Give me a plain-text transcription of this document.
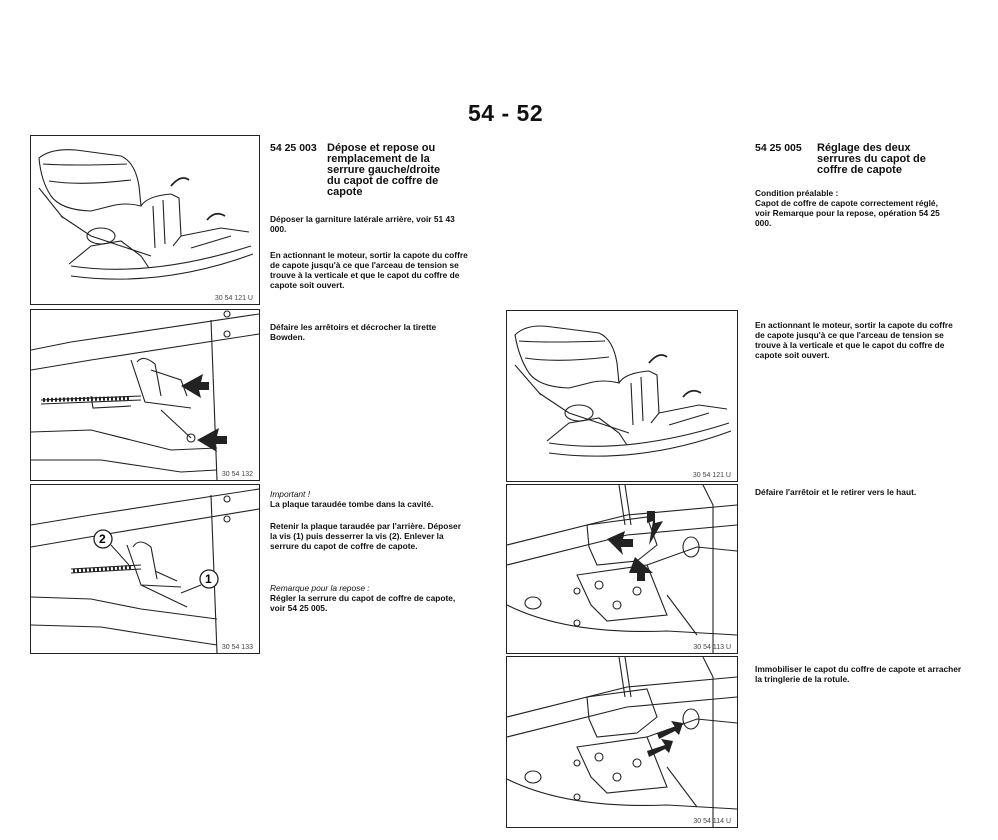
54 - 52
30 54 121 U
30 54 132
1
2
30 54 133
54 25 003 Dépose et repose ou remplacement de la serrure gauche/droite du capot de coffre de capote

Déposer la garniture latérale arrière, voir 51 43 000.

En actionnant le moteur, sortir la capote du coffre de capote jusqu'à ce que l'arceau de tension se trouve à la verticale et que le capot du coffre de capote soit ouvert.

Défaire les arrêtoirs et décrocher la tirette Bowden.

Important !

La plaque taraudée tombe dans la cavité.

Retenir la plaque taraudée par l'arrière. Déposer la vis (1) puis desserrer la vis (2). Enlever la serrure du capot de coffre de capote.

Remarque pour la repose :

Régler la serrure du capot de coffre de capote, voir 54 25 005.

54 25 005	Réglage des deux serrures du capot de coffre de capote

Condition préalable :

Capot de coffre de capote correctement réglé, voir Remarque pour la repose, opération 54 25 000.

En actionnant le moteur, sortir la capote du coffre de capote jusqu'à ce que l'arceau de tension se trouve à la verticale et que le capot du coffre de capote soit ouvert.

Défaire l'arrêtoir et le retirer vers le haut.

Immobiliser le capot du coffre de capote et arracher la tringlerie de la rotule.

30 54 121 U
30 54 113 U
30 54 114 U
